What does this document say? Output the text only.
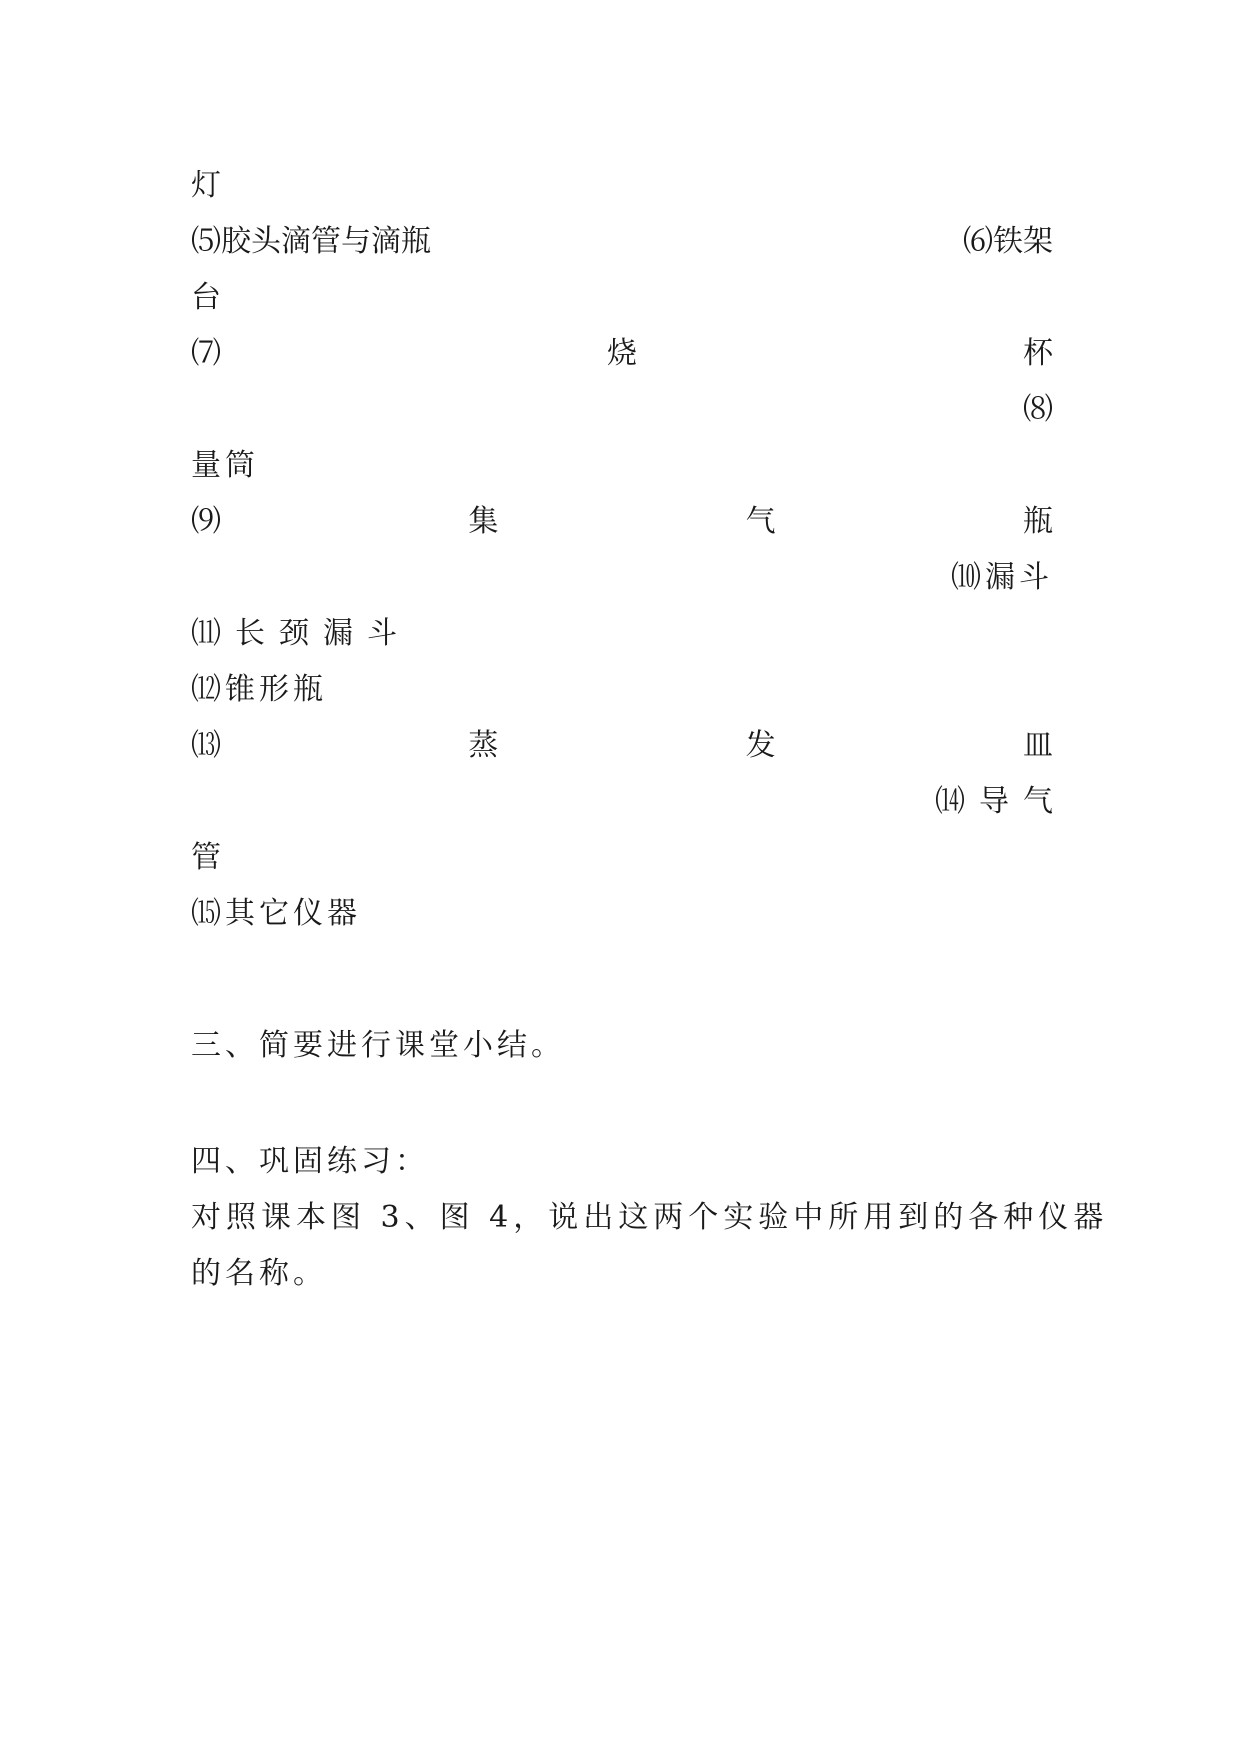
灯
⑸胶头滴管与滴瓶	⑹铁架
台
⑺	烧	杯
⑻
量筒
⑼	集	气	瓶
⑽漏斗
⑾长颈漏斗
⑿锥形瓶
⒀	蒸	发	皿
⒁导气
管
⒂其它仪器
三、简要进行课堂小结。
四、巩固练习：
对照课本图 3、图 4，说出这两个实验中所用到的各种仪器
的名称。
